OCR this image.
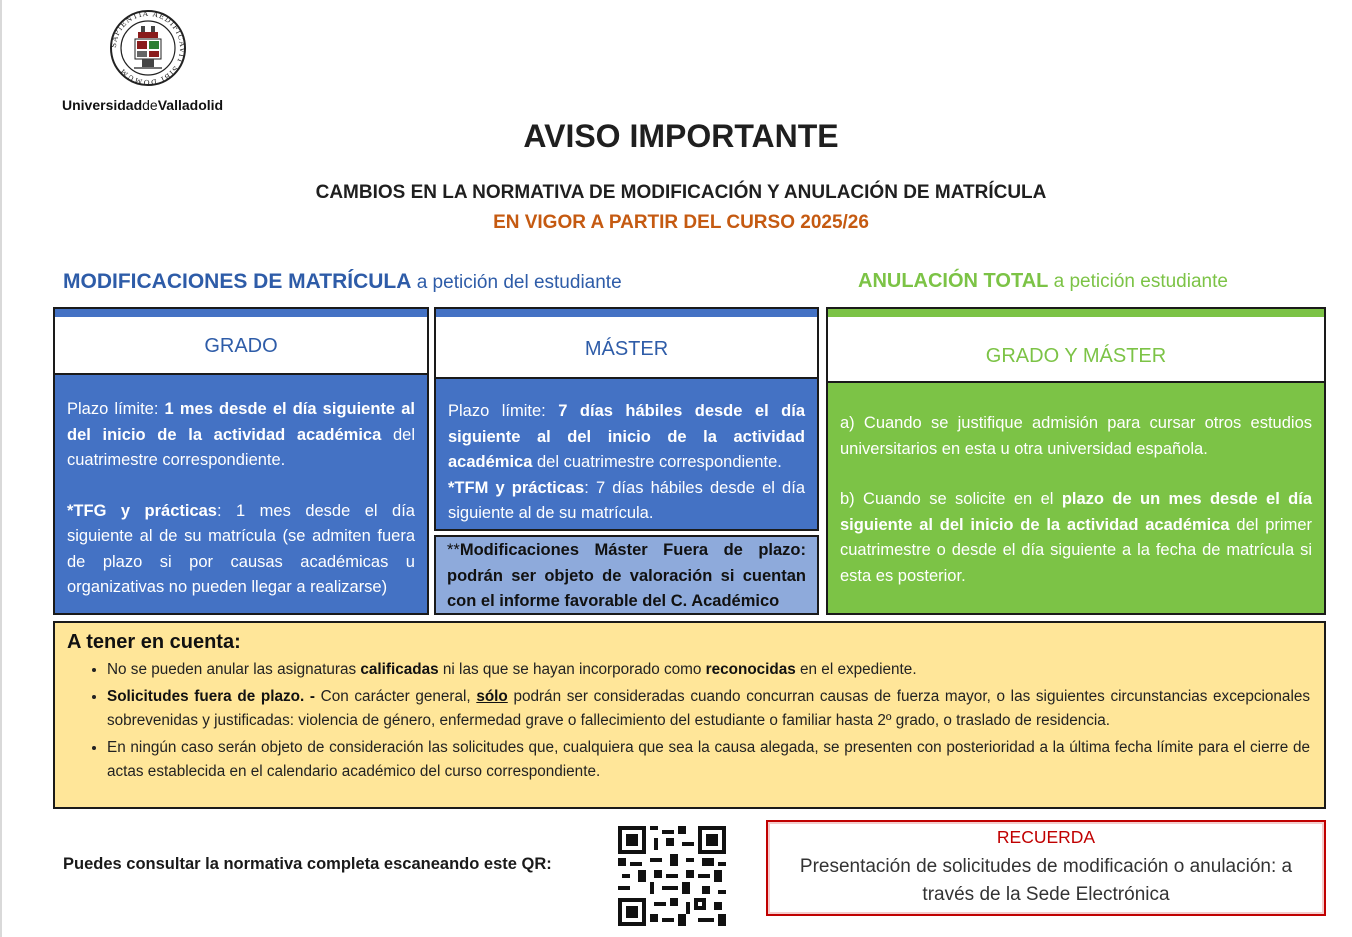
SAPIENTIA AEDIFICAVIT SIBI DOMUM
UniversidaddeValladolid
AVISO IMPORTANTE
CAMBIOS EN LA NORMATIVA DE MODIFICACIÓN Y ANULACIÓN DE MATRÍCULA
EN VIGOR A PARTIR DEL CURSO 2025/26
MODIFICACIONES DE MATRÍCULA a petición del estudiante	ANULACIÓN TOTAL a petición estudiante
GRADO

Plazo límite: 1 mes desde el día siguiente al del inicio de la actividad académica del cuatrimestre correspondiente.

*TFG y prácticas: 1 mes desde el día siguiente al de su matrícula (se admiten fuera de plazo si por causas académicas u organizativas no pueden llegar a realizarse)

MÁSTER

Plazo límite: 7 días hábiles desde el día siguiente al del inicio de la actividad académica del cuatrimestre correspondiente.

*TFM y prácticas: 7 días hábiles desde el día siguiente al de su matrícula.

**Modificaciones Máster Fuera de plazo: podrán ser objeto de valoración si cuentan con el informe favorable del C. Académico
GRADO Y MÁSTER

a) Cuando se justifique admisión para cursar otros estudios universitarios en esta u otra universidad española.

b) Cuando se solicite en el plazo de un mes desde el día siguiente al del inicio de la actividad académica del primer cuatrimestre o desde el día siguiente a la fecha de matrícula si esta es posterior.

A tener en cuenta:
• No se pueden anular las asignaturas calificadas ni las que se hayan incorporado como reconocidas en el expediente.
• Solicitudes fuera de plazo. - Con carácter general, sólo podrán ser consideradas cuando concurran causas de fuerza mayor, o las siguientes circunstancias excepcionales sobrevenidas y justificadas: violencia de género, enfermedad grave o fallecimiento del estudiante o familiar hasta 2º grado, o traslado de residencia.
• En ningún caso serán objeto de consideración las solicitudes que, cualquiera que sea la causa alegada, se presenten con posterioridad a la última fecha límite para el cierre de actas establecida en el calendario académico del curso correspondiente.
Puedes consultar la normativa completa escaneando este QR:
RECUERDA
Presentación de solicitudes de modificación o anulación: a través de la Sede Electrónica
